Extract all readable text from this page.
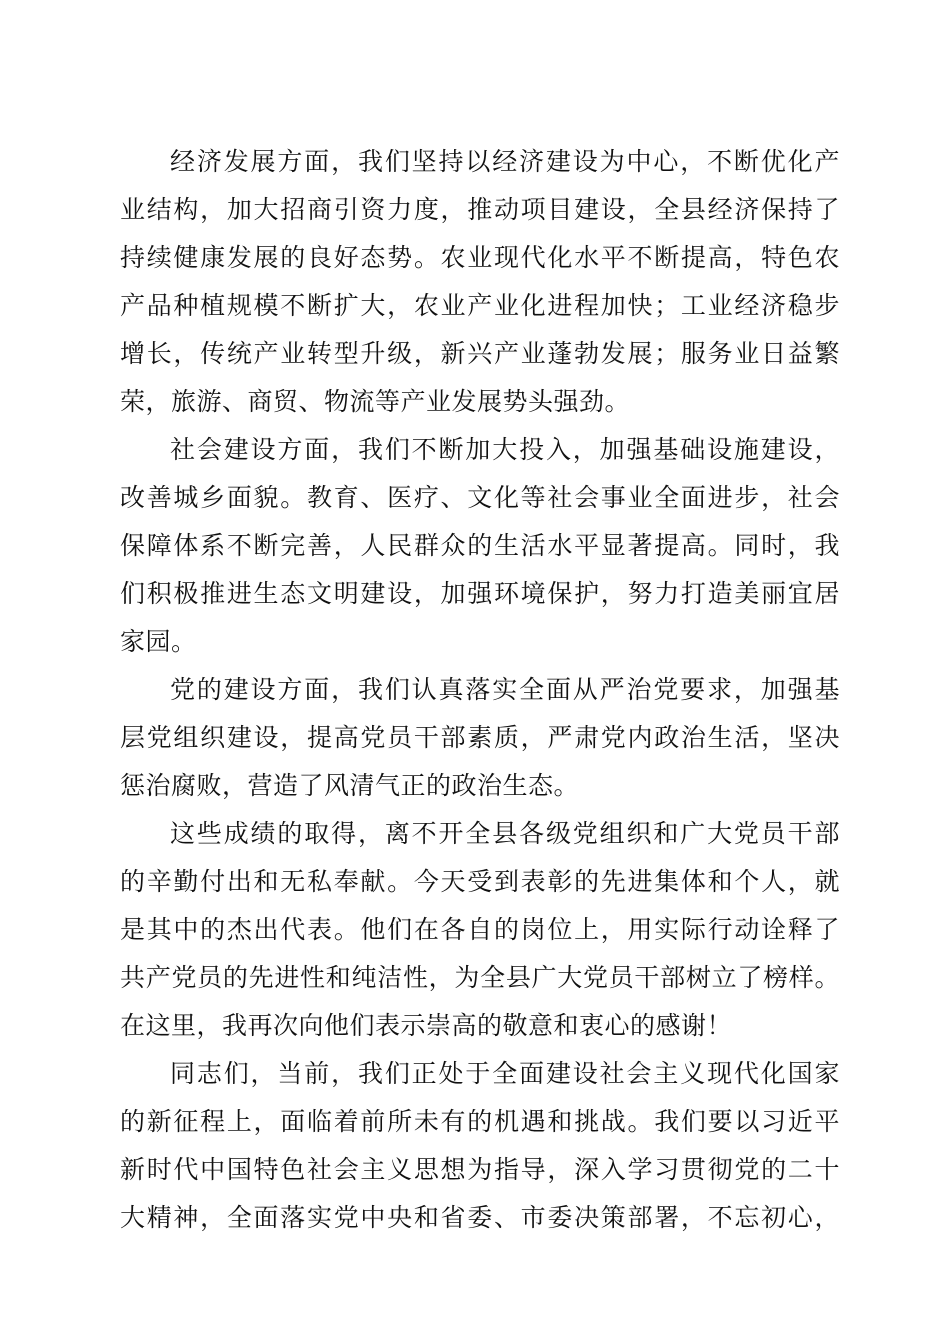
经济发展方面，我们坚持以经济建设为中心，不断优化产
业结构，加大招商引资力度，推动项目建设，全县经济保持了
持续健康发展的良好态势。农业现代化水平不断提高，特色农
产品种植规模不断扩大，农业产业化进程加快；工业经济稳步
增长，传统产业转型升级，新兴产业蓬勃发展；服务业日益繁
荣，旅游、商贸、物流等产业发展势头强劲。
社会建设方面，我们不断加大投入，加强基础设施建设，
改善城乡面貌。教育、医疗、文化等社会事业全面进步，社会
保障体系不断完善，人民群众的生活水平显著提高。同时，我
们积极推进生态文明建设，加强环境保护，努力打造美丽宜居
家园。
党的建设方面，我们认真落实全面从严治党要求，加强基
层党组织建设，提高党员干部素质，严肃党内政治生活，坚决
惩治腐败，营造了风清气正的政治生态。
这些成绩的取得，离不开全县各级党组织和广大党员干部
的辛勤付出和无私奉献。今天受到表彰的先进集体和个人，就
是其中的杰出代表。他们在各自的岗位上，用实际行动诠释了
共产党员的先进性和纯洁性，为全县广大党员干部树立了榜样。
在这里，我再次向他们表示崇高的敬意和衷心的感谢！
同志们，当前，我们正处于全面建设社会主义现代化国家
的新征程上，面临着前所未有的机遇和挑战。我们要以习近平
新时代中国特色社会主义思想为指导，深入学习贯彻党的二十
大精神，全面落实党中央和省委、市委决策部署，不忘初心，
